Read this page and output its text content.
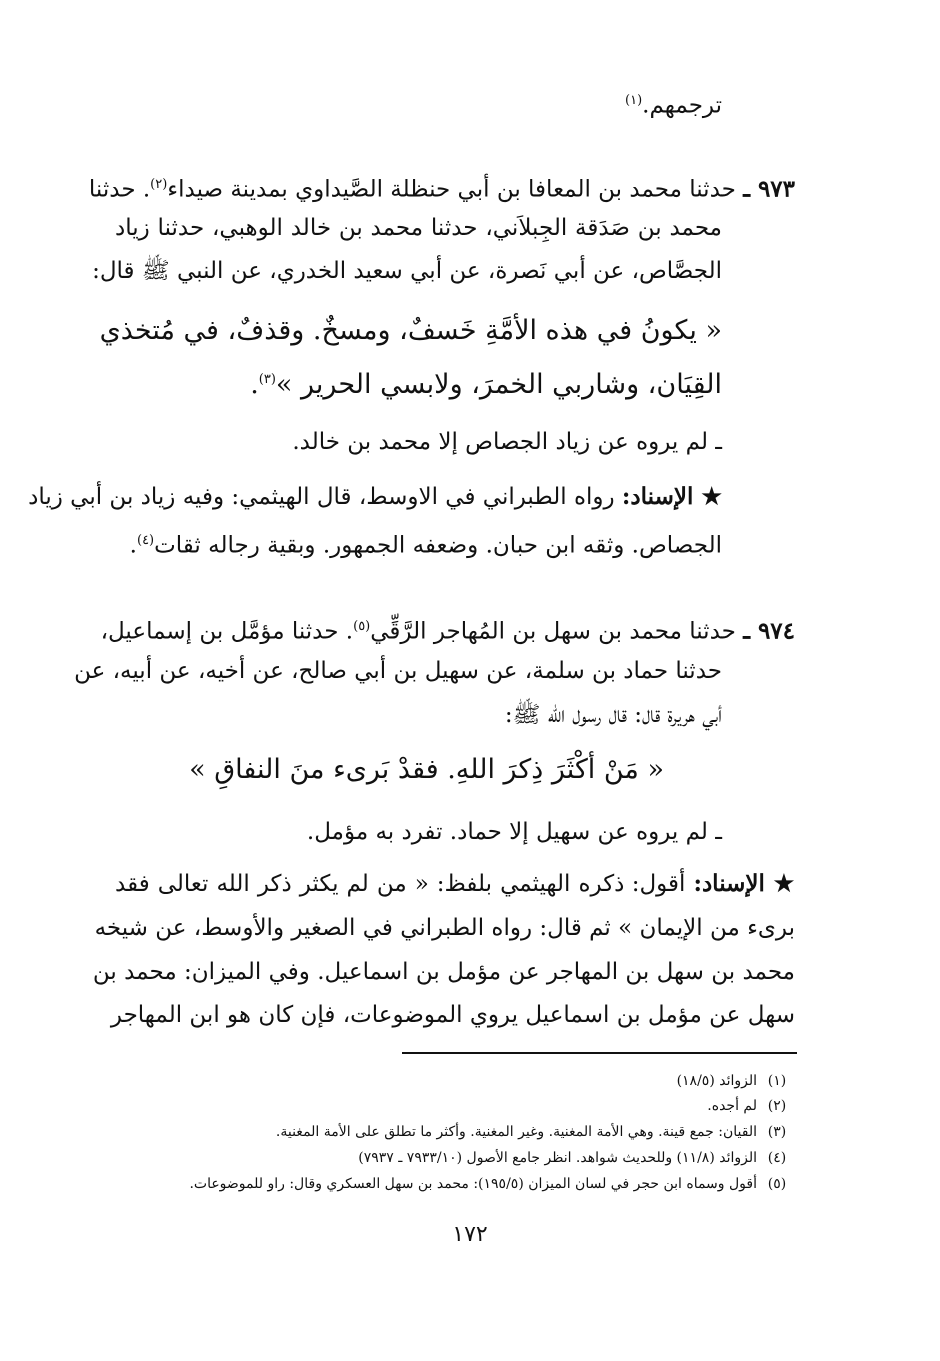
ترجمهم.$^{(١)}$
٩٧٣ ـ حدثنا محمد بن المعافا بن أبي حنظلة الصَّيداوي بمدينة صيداء$^{(٢)}$. حدثنا
محمد بن صَدَقة الجِبلاَني، حدثنا محمد بن خالد الوهبي، حدثنا زياد
الجصَّاص، عن أبي نَصرة، عن أبي سعيد الخدري، عن النبي ﷺ قال:
« يكونُ في هذه الأمَّةِ خَسفٌ، ومسخٌ. وقذفٌ، في مُتخذي
القِيَان، وشاربي الخمرَ، ولابسي الحرير »$^{(٣)}$.
ـ لم يروه عن زياد الجصاص إلا محمد بن خالد.
★ الإسناد: رواه الطبراني في الاوسط، قال الهيثمي: وفيه زياد بن أبي زياد
الجصاص. وثقه ابن حبان. وضعفه الجمهور. وبقية رجاله ثقات$^{(٤)}$.
٩٧٤ ـ حدثنا محمد بن سهل بن المُهاجر الرَّقِّي$^{(٥)}$. حدثنا مؤمَّل بن إسماعيل،
حدثنا حماد بن سلمة، عن سهيل بن أبي صالح، عن أخيه، عن أبيه، عن
أبي هريرة قال: قال رسول الله ﷺ:
« مَنْ أكْثَرَ ذِكرَ اللهِ. فقدْ بَرىء منَ النفاقِ »
ـ لم يروه عن سهيل إلا حماد. تفرد به مؤمل.
★ الإسناد: أقول: ذكره الهيثمي بلفظ: « من لم يكثر ذكر الله تعالى فقد
برىء من الإيمان » ثم قال: رواه الطبراني في الصغير والأوسط، عن شيخه
محمد بن سهل بن المهاجر عن مؤمل بن اسماعيل. وفي الميزان: محمد بن
سهل عن مؤمل بن اسماعيل يروي الموضوعات، فإن كان هو ابن المهاجر
(١)الزوائد (١٨/٥)
(٢)لم أجده.
(٣)القيان: جمع قينة. وهي الأمة المغنية. وغير المغنية. وأكثر ما تطلق على الأمة المغنية.
(٤)الزوائد (١١/٨) وللحديث شواهد. انظر جامع الأصول (٧٩٣٣/١٠ ـ ٧٩٣٧)
(٥)أقول وسماه ابن حجر في لسان الميزان (١٩٥/٥): محمد بن سهل العسكري وقال: راو للموضوعات.
١٧٢
